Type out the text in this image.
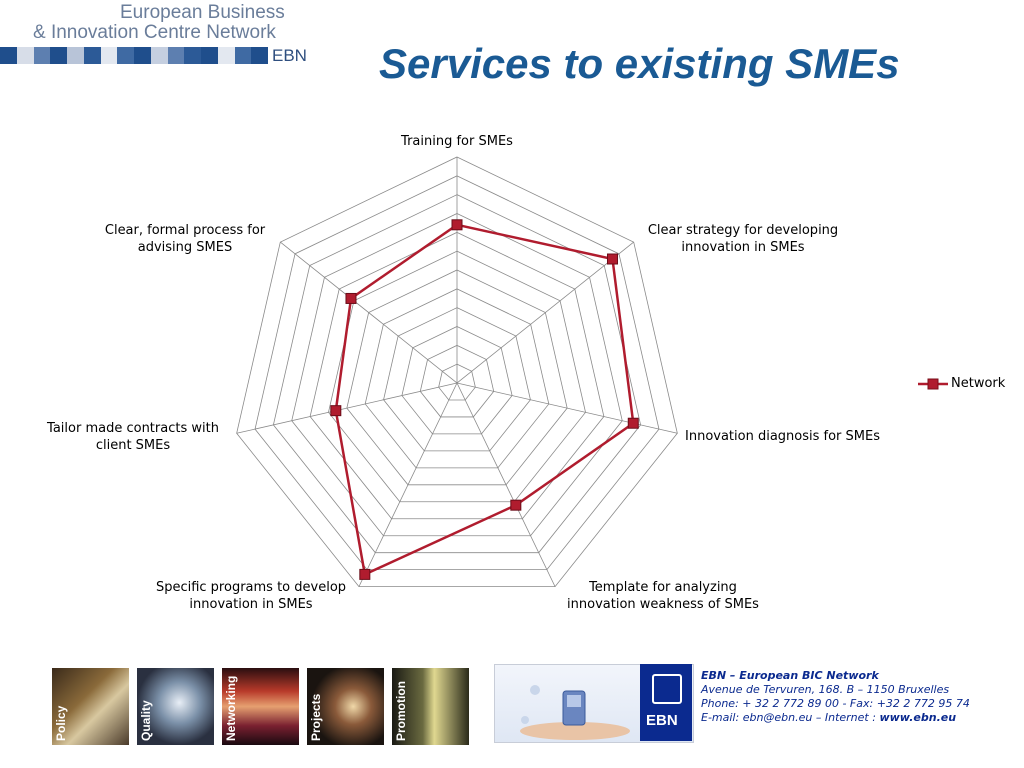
European Business
& Innovation Centre Network
EBN Services to existing SMEs
Training for SMEs
Clear strategy for developing innovation in SMEs
Innovation diagnosis for SMEs
Template for analyzing innovation weakness of SMEs
Specific programs to develop innovation in SMEs
Tailor made contracts with client SMEs
Clear, formal process for advising SMES
Network
Policy	Quality	Networking	Projects	Promotion	EBN
EBN – European BIC Network
Avenue de Tervuren, 168. B – 1150 Bruxelles
Phone: + 32 2 772 89 00 - Fax: +32 2 772 95 74
E-mail: ebn@ebn.eu – Internet : www.ebn.eu
